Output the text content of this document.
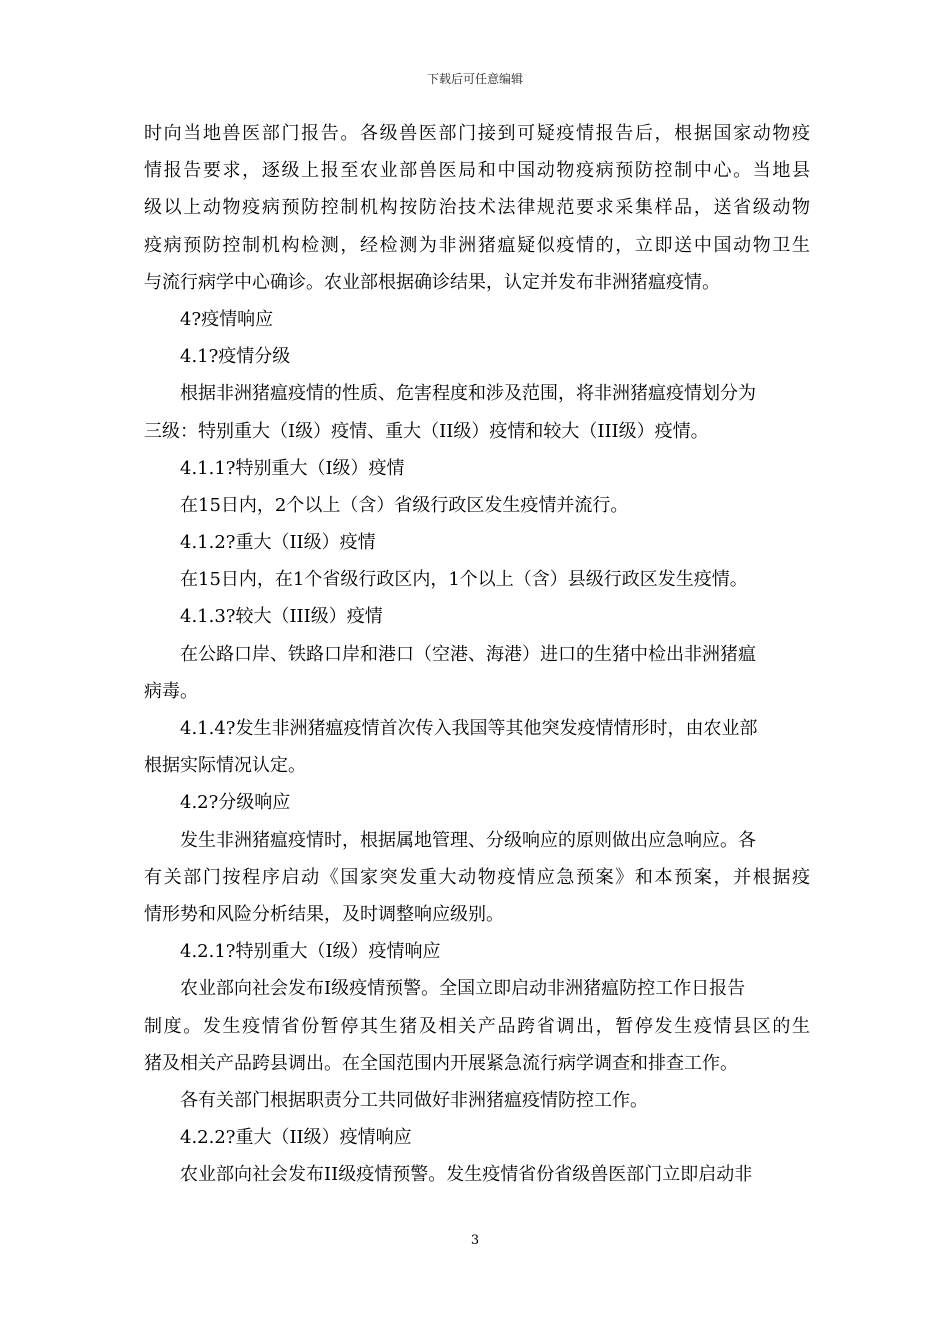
下载后可任意编辑
时向当地兽医部门报告。各级兽医部门接到可疑疫情报告后，根据国家动物疫
情报告要求，逐级上报至农业部兽医局和中国动物疫病预防控制中心。当地县
级以上动物疫病预防控制机构按防治技术法律规范要求采集样品，送省级动物
疫病预防控制机构检测，经检测为非洲猪瘟疑似疫情的，立即送中国动物卫生
与流行病学中心确诊。农业部根据确诊结果，认定并发布非洲猪瘟疫情。
4?疫情响应
4.1?疫情分级
根据非洲猪瘟疫情的性质、危害程度和涉及范围，将非洲猪瘟疫情划分为
三级：特别重大（Ⅰ级）疫情、重大（II级）疫情和较大（III级）疫情。
4.1.1?特别重大（Ⅰ级）疫情
在15日内，2个以上（含）省级行政区发生疫情并流行。
4.1.2?重大（II级）疫情
在15日内，在1个省级行政区内，1个以上（含）县级行政区发生疫情。
4.1.3?较大（III级）疫情
在公路口岸、铁路口岸和港口（空港、海港）进口的生猪中检出非洲猪瘟
病毒。
4.1.4?发生非洲猪瘟疫情首次传入我国等其他突发疫情情形时，由农业部
根据实际情况认定。
4.2?分级响应
发生非洲猪瘟疫情时，根据属地管理、分级响应的原则做出应急响应。各
有关部门按程序启动《国家突发重大动物疫情应急预案》和本预案，并根据疫
情形势和风险分析结果，及时调整响应级别。
4.2.1?特别重大（I级）疫情响应
农业部向社会发布I级疫情预警。全国立即启动非洲猪瘟防控工作日报告
制度。发生疫情省份暂停其生猪及相关产品跨省调出，暂停发生疫情县区的生
猪及相关产品跨县调出。在全国范围内开展紧急流行病学调查和排查工作。
各有关部门根据职责分工共同做好非洲猪瘟疫情防控工作。
4.2.2?重大（II级）疫情响应
农业部向社会发布II级疫情预警。发生疫情省份省级兽医部门立即启动非
3
